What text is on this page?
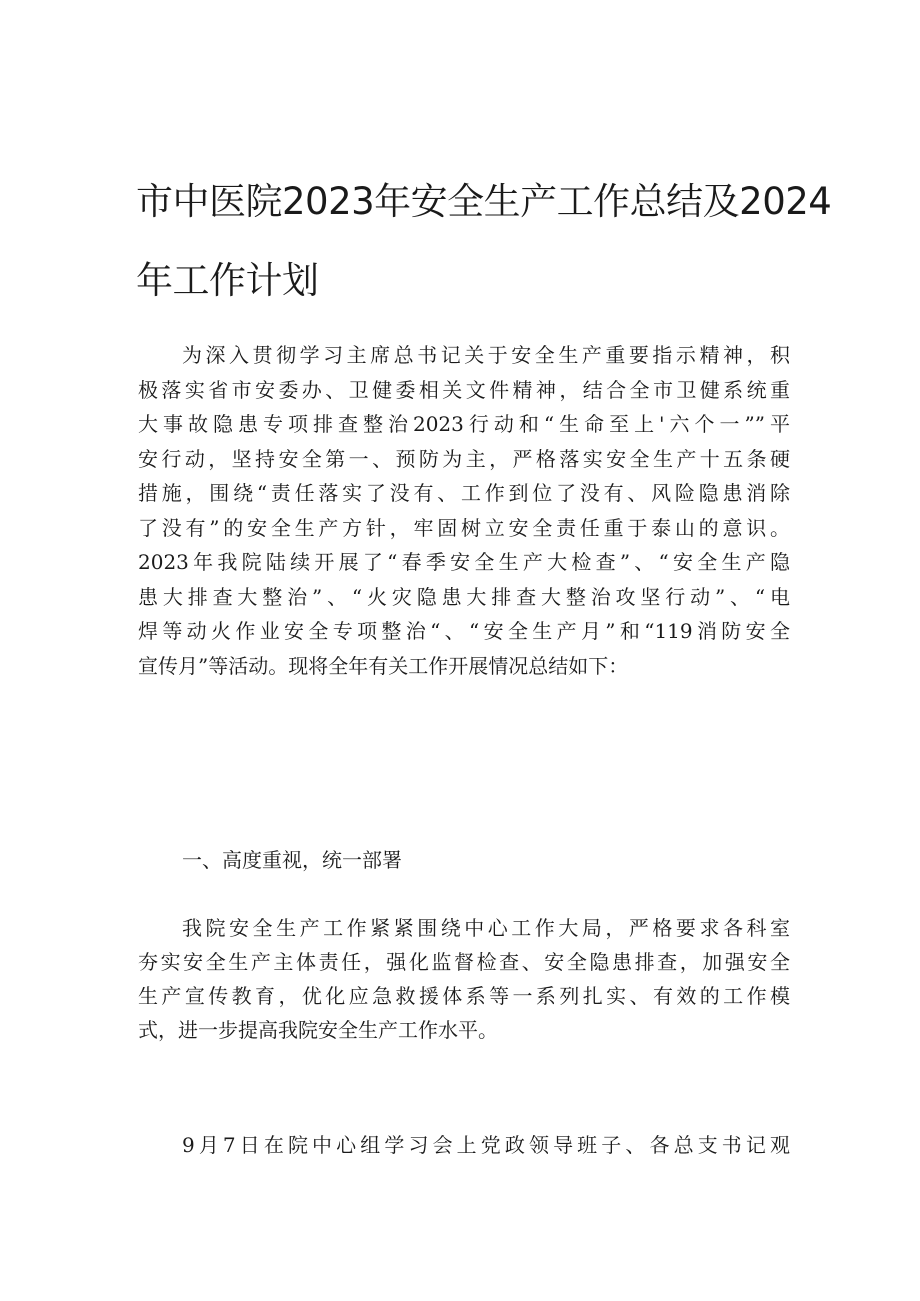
市中医院2023年安全生产工作总结及2024
年工作计划

为深入贯彻学习主席总书记关于安全生产重要指示精神，积
极落实省市安委办、卫健委相关文件精神，结合全市卫健系统重
大事故隐患专项排查整治2023行动和“生命至上'六个一””平
安行动，坚持安全第一、预防为主，严格落实安全生产十五条硬
措施，围绕“责任落实了没有、工作到位了没有、风险隐患消除
了没有”的安全生产方针，牢固树立安全责任重于泰山的意识。
2023年我院陆续开展了“春季安全生产大检查”、“安全生产隐
患大排查大整治”、“火灾隐患大排查大整治攻坚行动”、“电
焊等动火作业安全专项整治“、“安全生产月”和“119消防安全
宣传月”等活动。现将全年有关工作开展情况总结如下：

一、高度重视，统一部署

我院安全生产工作紧紧围绕中心工作大局，严格要求各科室
夯实安全生产主体责任，强化监督检查、安全隐患排查，加强安全
生产宣传教育，优化应急救援体系等一系列扎实、有效的工作模
式，进一步提高我院安全生产工作水平。

9月7日在院中心组学习会上党政领导班子、各总支书记观
